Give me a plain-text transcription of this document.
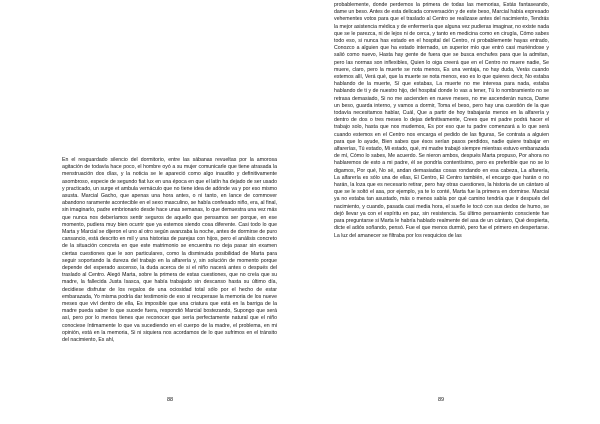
En el resguardado silencio del dormitorio, entre las sábanas revueltas por la amorosa agitación de todavía hace poco, el hombre oyó a su mujer comunicarle que tiene atrasada la menstruación dos días, y la noticia se le apareció como algo inaudito y definitivamente asombroso, especie de segundo fiat lux en una época en que el latín ha dejado de ser usado y practicado, un surge et ambula vernáculo que no tiene idea de adónde va y por eso mismo asusta. Marcial Gacho, que apenas una hora antes, o ni tanto, en lance de commover abandono raramente acontecible en el sexo masculino, se había confesado niño, era, al final, sin imaginarlo, padre embrionario desde hace unas semanas, lo que demuestra una vez más que nunca nos deberíamos sentir seguros de aquello que pensamos ser porque, en ese momento, pudiera muy bien ocurrir que ya estemos siendo cosa diferente. Casi todo lo que Marta y Marcial se dijeron el uno al otro según avanzaba la noche, antes de dormirse de puro cansancio, está descrito en mil y una historias de parejas con hijos, pero el análisis concreto de la situación concreta en que este matrimonio se encuentra no deja pasar sin examen ciertas cuestiones que le son particulares, como la disminuida posibilidad de Marta para seguir soportando la dureza del trabajo en la alfarería y, sin solución de momento porque depende del esperado ascenso, la duda acerca de si el niño nacerá antes o después del traslado al Centro. Alegó Marta, sobre la primera de estas cuestiones, que no creía que su madre, la fallecida Justa Isasca, que había trabajado sin descanso hasta su último día, decidiese disfrutar de los regalos de una ociosidad total sólo por el hecho de estar embarazada, Yo misma podría dar testimonio de eso si recuperase la memoria de los nueve meses que viví dentro de ella, Es imposible que una criatura que está en la barriga de la madre pueda saber lo que sucede fuera, respondió Marcial bostezando, Supongo que será así, pero por lo menos tienes que reconocer que sería perfectamente natural que el niño conociese íntimamente lo que va sucediendo en el cuerpo de la madre, el problema, en mi opinión, está en la memoria, Si ni siquiera nos acordamos de lo que sufrimos en el tránsito del nacimiento, Es ahí,

88

probablemente, donde perdemos la primera de todas las memorias, Estás fantaseando, dame un beso. Antes de esta delicada conversación y de este beso, Marcial había expresado vehementes votos para que el traslado al Centro se realizase antes del nacimiento, Tendrás la mejor asistencia médica y de enfermería que alguna vez pudieras imaginar, no existe nada que se le parezca, ni de lejos ni de cerca, y tanto en medicina como en cirugía, Cómo sabes todo eso, si nunca has estado en el hospital del Centro, ni probablemente hayas entrado, Conozco a alguien que ha estado internado, un superior mío que entró casi muriéndose y salió como nuevo, Hasta hay gente de fuera que se busca enchufes para que la admitan, pero las normas son inflexibles, Quien lo oiga creerá que en el Centro no muere nadie, Se muere, claro, pero la muerte se nota menos, Es una ventaja, no hay duda, Verás cuando estemos allí, Verá qué, que la muerte se nota menos, eso es lo que quieres decir, No estaba hablando de la muerte, Sí que estabas, La muerte no me interesa para nada, estaba hablando de ti y de nuestro hijo, del hospital donde lo vas a tener, Tú lo nombramiento no se retrasa demasiado, Si no me ascienden en nueve meses, no me ascenderán nunca, Dame un beso, guarda interno, y vamos a dormir, Toma el beso, pero hay una cuestión de la que todavía necesitamos hablar, Cuál, Que a partir de hoy trabajarás menos en la alfarería y dentro de dos o tres meses lo dejas definitivamente, Crees que mi padre podrá hacer el trabajo solo, hasta que nos mudemos, Es por eso que tu padre comenzará a lo que será cuando estemos en el Centro nos encarga el pedido de las figuras, Se contrata a alguien para que lo ayude, Bien sabes que ésos serían pasos perdidos, nadie quiere trabajar en alfarerías, Tú estado, Mi estado, qué, mi madre trabajó siempre mientras estuvo embarazada de mí, Cómo lo sabes, Me acuerdo. Se nieron ambos, después Marta propuso, Por ahora no hablaremos de esto a mi padre, él se pondría contentísimo, pero es preferible que no se lo digamos, Por qué, No sé, andan demasiadas cosas rondando en esa cabeza, La alfarería, La alfarería es sólo una de ellas, El Centro, El Centro también, el encargo que harán o no harán, la loza que es necesario retirar, pero hay otras cuestiones, la historia de un cántaro al que se le soltó el asa, por ejemplo, ya te lo conté, Marta fue la primera en dormirse. Marcial ya no estaba tan asustado, más o menos sabía por qué camino tendría que ir después del nacimiento, y cuando, pasada casi media hora, el sueño le tocó con sus dedos de humo, se dejó llevar ya con el espíritu en paz, sin resistencia. Su último pensamiento consciente fue para preguntarse si Marta le habría hablado realmente del asa de un cántaro, Qué despierta, dicte el adiós soñando, pensó. Fue el que menos durmió, pero fue el primero en despertarse. La luz del amanecer se filtraba por los resquicios de las

89
